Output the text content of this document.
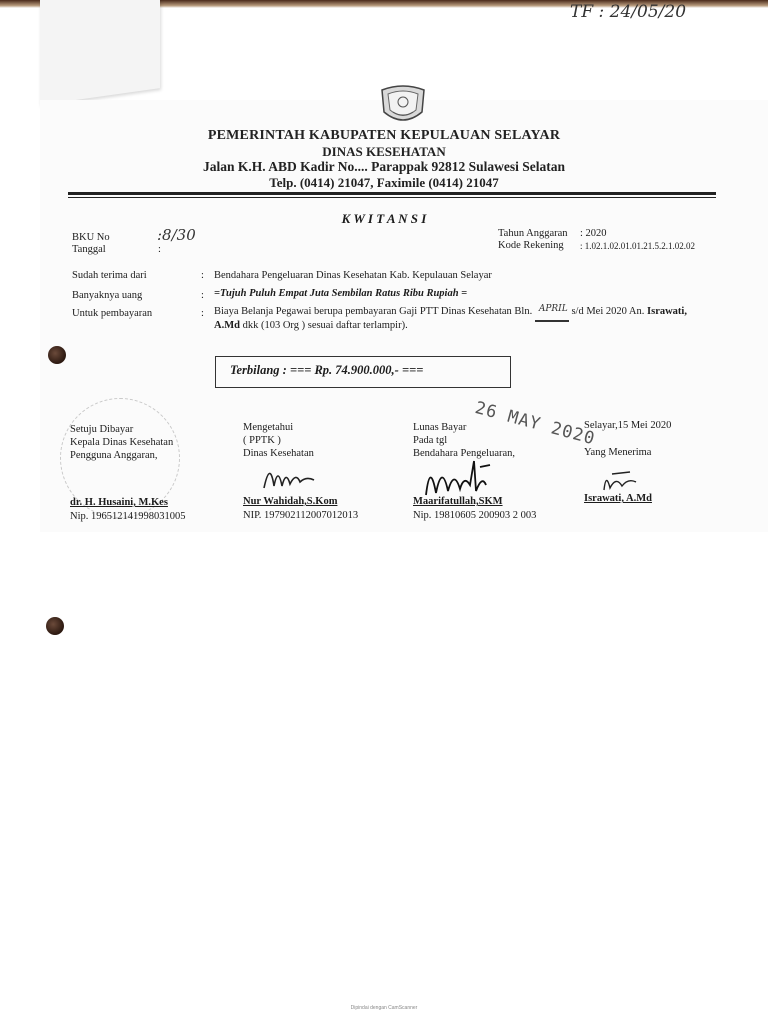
TF : 24/05/20
PEMERINTAH KABUPATEN KEPULAUAN SELAYAR
DINAS KESEHATAN
Jalan K.H. ABD Kadir No.... Parappak 92812 Sulawesi Selatan
Telp. (0414) 21047, Faximile (0414) 21047
K W I T A N S I
BKU No	:8/30
Tanggal	:
Tahun Anggaran : 2020
Kode Rekening : 1.02.1.02.01.01.21.5.2.1.02.02
Sudah terima dari	: Bendahara Pengeluaran Dinas Kesehatan Kab. Kepulauan Selayar
Banyaknya uang	: =Tujuh Puluh Empat Juta Sembilan Ratus Ribu Rupiah =
Untuk pembayaran	: Biaya Belanja Pegawai berupa pembayaran Gaji PTT Dinas Kesehatan Bln. APRIL s/d Mei 2020 An. Israwati,
A.Md dkk (103 Org ) sesuai daftar terlampir).
Terbilang : === Rp. 74.900.000,- ===
26 MAY 2020
Setuju Dibayar
Kepala Dinas Kesehatan
Pengguna Anggaran,
dr. H. Husaini, M.Kes
Nip. 196512141998031005
Mengetahui
( PPTK )
Dinas Kesehatan
Nur Wahidah,S.Kom
NIP. 197902112007012013
Lunas Bayar
Pada tgl
Bendahara Pengeluaran,
Maarifatullah,SKM
Nip. 19810605 200903 2 003
Selayar,15 Mei 2020
Yang Menerima
Israwati, A.Md
Dipindai dengan CamScanner
